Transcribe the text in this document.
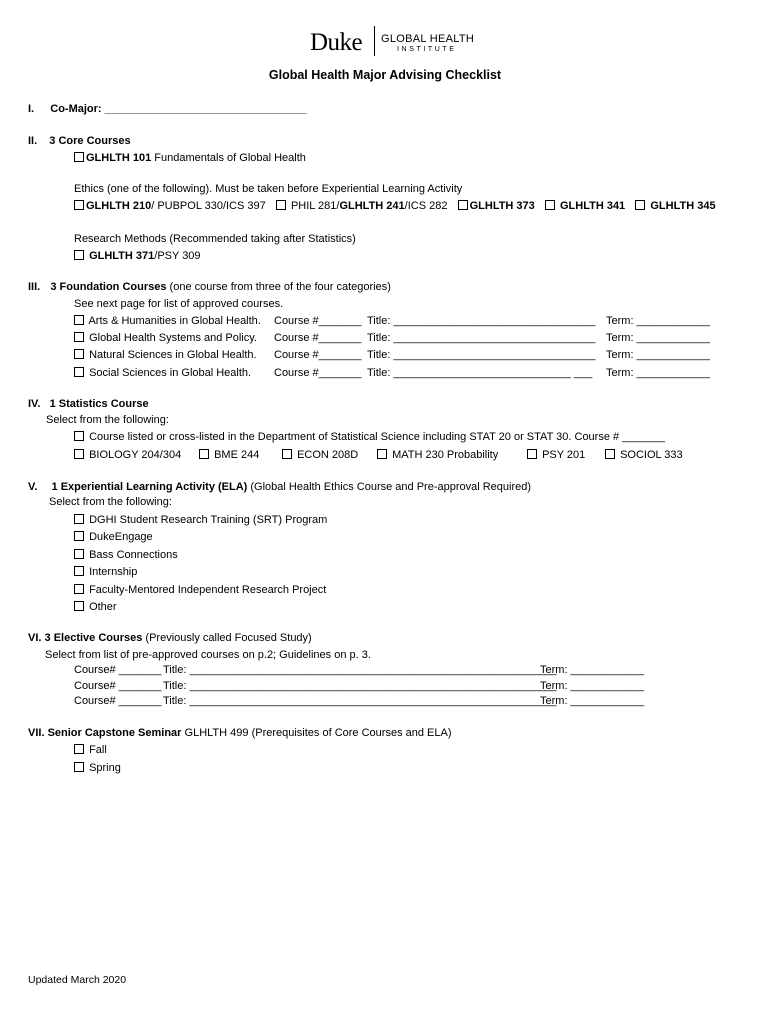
Duke GLOBAL HEALTH
INSTITUTE
Global Health Major Advising Checklist
I. Co-Major: _________________________________
II. 3 Core Courses
GLHLTH 101 Fundamentals of Global Health
Ethics (one of the following). Must be taken before Experiential Learning Activity
GLHLTH 210/ PUBPOL 330/ICS 397 PHIL 281/GLHLTH 241/ICS 282 GLHLTH 373 GLHLTH 341 GLHLTH 345
Research Methods (Recommended taking after Statistics)
GLHLTH 371/PSY 309
III. 3 Foundation Courses (one course from three of the four categories)
See next page for list of approved courses.
Arts & Humanities in Global Health. Course #_______ Title: _________________________________ Term: ____________
Global Health Systems and Policy. Course #_______ Title: _________________________________ Term: ____________
Natural Sciences in Global Health. Course #_______ Title: _________________________________ Term: ____________
Social Sciences in Global Health. Course #_______ Title: _____________________________ ___ Term: ____________
IV. 1 Statistics Course
Select from the following:
Course listed or cross-listed in the Department of Statistical Science including STAT 20 or STAT 30. Course # _______
BIOLOGY 204/304	BME 244	ECON 208D	MATH 230 Probability	PSY 201	SOCIOL 333
V. 1 Experiential Learning Activity (ELA) (Global Health Ethics Course and Pre-approval Required)
Select from the following:
DGHI Student Research Training (SRT) Program
DukeEngage
Bass Connections
Internship
Faculty-Mentored Independent Research Project
Other
VI. 3 Elective Courses (Previously called Focused Study)
Select from list of pre-approved courses on p.2; Guidelines on p. 3.
Course# _______ Title: ____________________________________________________________
Term: ____________
Course# _______ Title: ____________________________________________________________
Term: ____________
Course# _______ Title: ____________________________________________________________
Term: ____________
VII. Senior Capstone Seminar GLHLTH 499 (Prerequisites of Core Courses and ELA)
Fall
Spring
Updated March 2020
